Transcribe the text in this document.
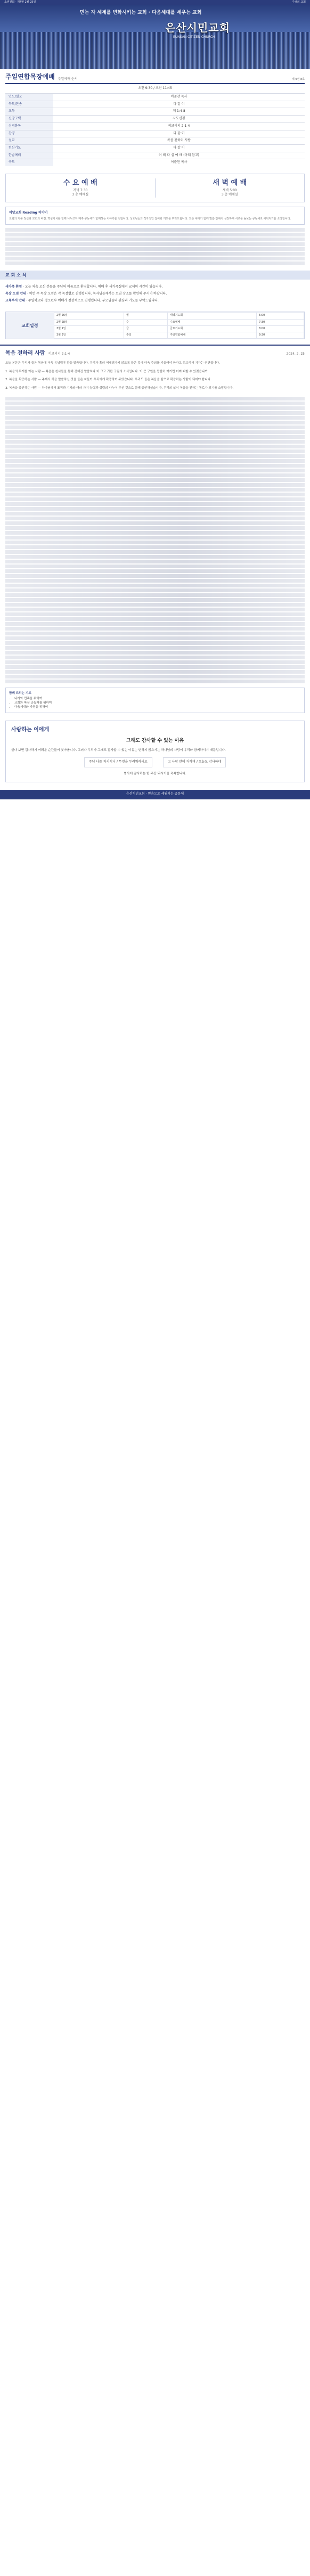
소위원회 · 제4번 2월 25일	주님의 교회
믿는 자 세계를 변화시키는 교회 · 다음세대를 세우는 교회
은산시민교회
EUNSAN CITIZEN CHURCH
주일연합목장예배 주일예배 순서	제 9권 8호
오전 9:30 / 오전 11:45
인도/설교	이준찬 목사
묵도/찬송	다 같 이
교독	계 1:4-8
신앙고백	사도신경
성경봉독	히브리서 2:1-4
찬양	다 같 이
설교	복음 전하러 사람
헌신기도	다 같 이
한밤예배	이 뗴 다 실 예 배 (아래 참고)
축도	이준찬 목사
수 요 예 배
저녁 7:30
3 층 예배실
새 벽 예 배
새벽 5:00
3 층 예배실
이달교회 Reading 이야기
교회의 기본 정신과 교회의 비전, 핵심가치를 함께 나누고자 매주 공동체가 함께하는 이야기를 전합니다. 성도님들의 적극적인 참여와 기도를 부탁드립니다. 모든 세대가 함께 말씀 안에서 성장하며 서로를 돌보는 공동체로 세워지기를 소망합니다.
교 회 소 식
새가족 환영 · 오늘 처음 오신 분들을 주님의 이름으로 환영합니다. 예배 후 새가족실에서 교제의 시간이 있습니다.
목장 모임 안내 · 이번 주 목장 모임은 각 목장별로 진행됩니다. 목자님들께서는 모임 장소를 확인해 주시기 바랍니다.
교육부서 안내 · 주일학교와 청소년부 예배가 정상적으로 진행됩니다. 부모님들의 관심과 기도를 부탁드립니다.
교회일정
2월 26일	월	새벽기도회	5:00
2월 28일	수	수요예배	7:30
3월 1일	금	금요기도회	8:00
3월 3일	주일	주일연합예배	9:30
복음 전하러 사람 히브리서 2:1-4	2024. 2. 25

오늘 본문은 우리가 들은 복음에 더욱 유념해야 함을 말씀합니다. 우리가 흘러 떠내려가지 않도록 들은 것에 더욱 주의를 기울여야 한다고 히브리서 기자는 권면합니다.

1. 복음의 무게를 아는 사람 — 복음은 천사들을 통해 전해진 말씀보다 더 크고 귀한 구원의 소식입니다. 이 큰 구원을 등한히 여기면 어찌 피할 수 있겠습니까.

2. 복음을 확증하는 사람 — 주께서 처음 말씀하신 것을 들은 자들이 우리에게 확증하여 주었습니다. 우리도 들은 복음을 삶으로 확증하는 사람이 되어야 합니다.

3. 복음을 증언하는 사람 — 하나님께서 표적과 기사와 여러 가지 능력과 성령의 나누어 주신 것으로 함께 증언하셨습니다. 우리의 삶이 복음을 전하는 통로가 되기를 소망합니다.

함께 드리는 기도
• 나라와 민족을 위하여
• 교회와 목장 공동체를 위하여
• 다음세대와 가정을 위하여
사랑하는 이에게
그래도 감사할 수 있는 이유

살다 보면 감사하기 어려운 순간들이 찾아옵니다. 그러나 우리가 그래도 감사할 수 있는 이유는 변하지 않으시는 하나님의 사랑이 우리와 함께하시기 때문입니다.

주님 나를 지키시니 / 무엇을 두려워하리요	그 사랑 안에 거하며 / 오늘도 감사하네

범사에 감사하는 한 주간 되시기를 축복합니다.

은산시민교회 · 믿음으로 세워지는 공동체
